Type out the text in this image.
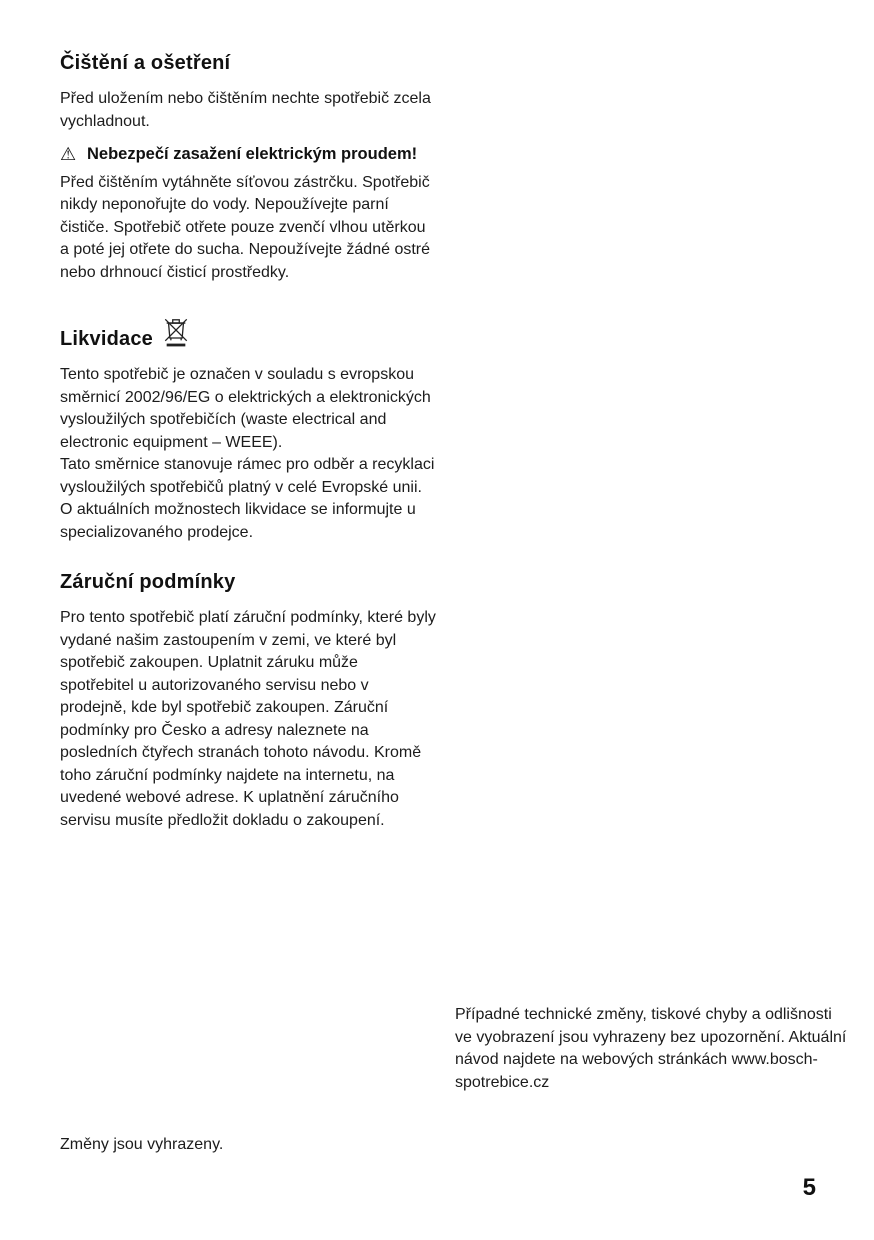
Čištění a ošetření

Před uložením nebo čištěním nechte spotřebič zcela vychladnout.

⚠ Nebezpečí zasažení elektrickým proudem!

Před čištěním vytáhněte síťovou zástrčku. Spotřebič nikdy neponořujte do vody. Nepoužívejte parní čističe. Spotřebič otřete pouze zvenčí vlhou utěrkou a poté jej otřete do sucha. Nepoužívejte žádné ostré nebo drhnoucí čisticí prostředky.

Likvidace

Tento spotřebič je označen v souladu s evropskou směrnicí 2002/96/EG o elektrických a elektronických vysloužilých spotřebičích (waste electrical and electronic equipment – WEEE).

Tato směrnice stanovuje rámec pro odběr a recyklaci vysloužilých spotřebičů platný v celé Evropské unii.

O aktuálních možnostech likvidace se informujte u specializovaného prodejce.

Záruční podmínky

Pro tento spotřebič platí záruční podmínky, které byly vydané našim zastoupením v zemi, ve které byl spotřebič zakoupen. Uplatnit záruku může spotřebitel u autorizovaného servisu nebo v prodejně, kde byl spotřebič zakoupen. Záruční podmínky pro Česko a adresy naleznete na posledních čtyřech stranách tohoto návodu. Kromě toho záruční podmínky najdete na internetu, na uvedené webové adrese. K uplatnění záručního servisu musíte předložit dokladu o zakoupení.

Případné technické změny, tiskové chyby a odlišnosti ve vyobrazení jsou vyhrazeny bez upozornění. Aktuální návod najdete na webových stránkách www.bosch-spotrebice.cz
Změny jsou vyhrazeny.
5
